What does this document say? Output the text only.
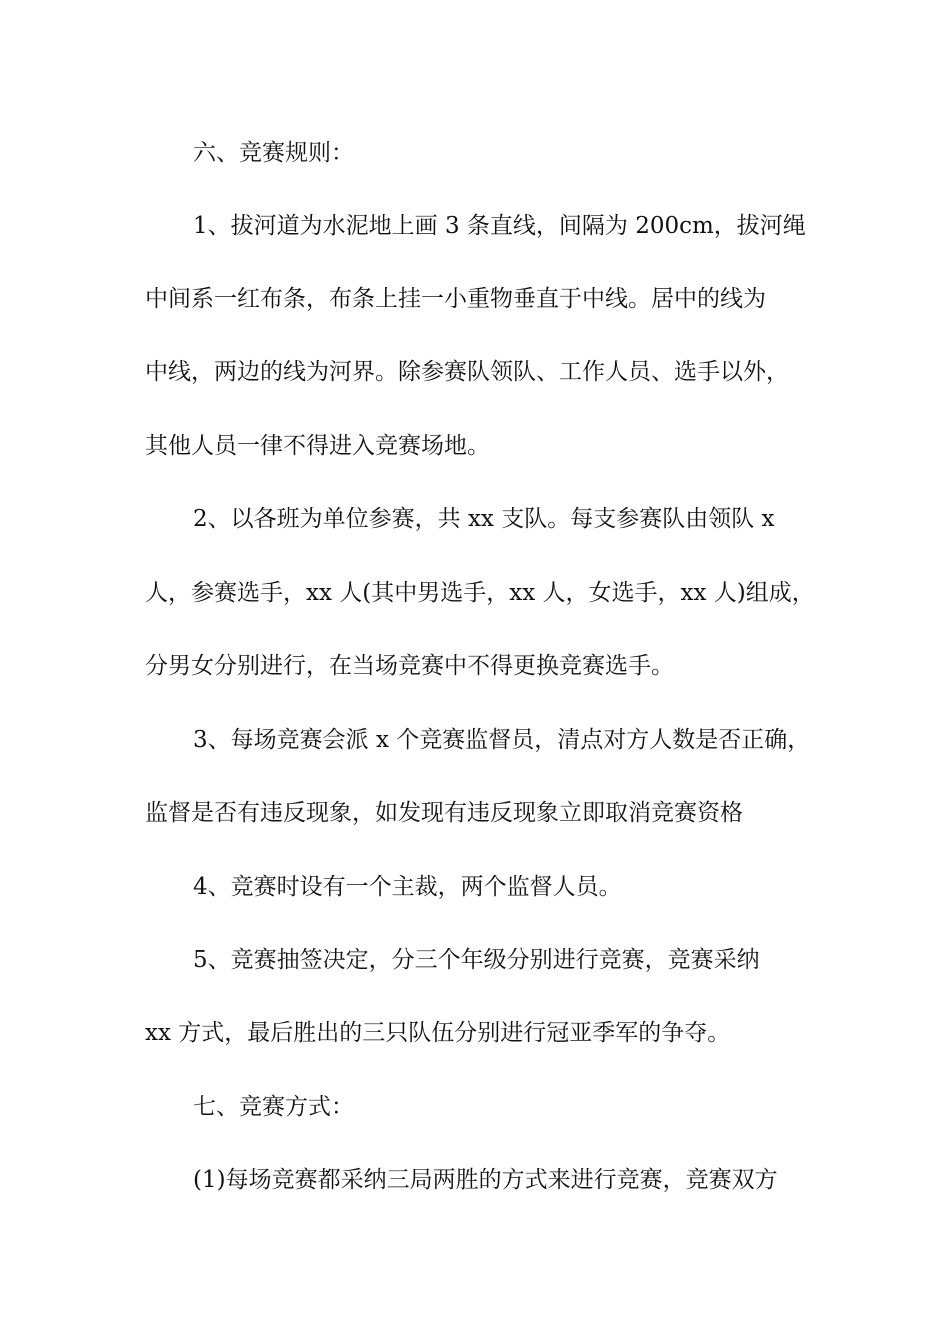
六、竞赛规则：
1、拔河道为水泥地上画 3 条直线，间隔为 200cm，拔河绳
中间系一红布条，布条上挂一小重物垂直于中线。居中的线为
中线，两边的线为河界。除参赛队领队、工作人员、选手以外，
其他人员一律不得进入竞赛场地。
2、以各班为单位参赛，共 xx 支队。每支参赛队由领队 x
人，参赛选手，xx 人(其中男选手，xx 人，女选手，xx 人)组成，
分男女分别进行，在当场竞赛中不得更换竞赛选手。
3、每场竞赛会派 x 个竞赛监督员，清点对方人数是否正确，
监督是否有违反现象，如发现有违反现象立即取消竞赛资格
4、竞赛时设有一个主裁，两个监督人员。
5、竞赛抽签决定，分三个年级分别进行竞赛，竞赛采纳
xx 方式，最后胜出的三只队伍分别进行冠亚季军的争夺。
七、竞赛方式：
(1)每场竞赛都采纳三局两胜的方式来进行竞赛，竞赛双方
